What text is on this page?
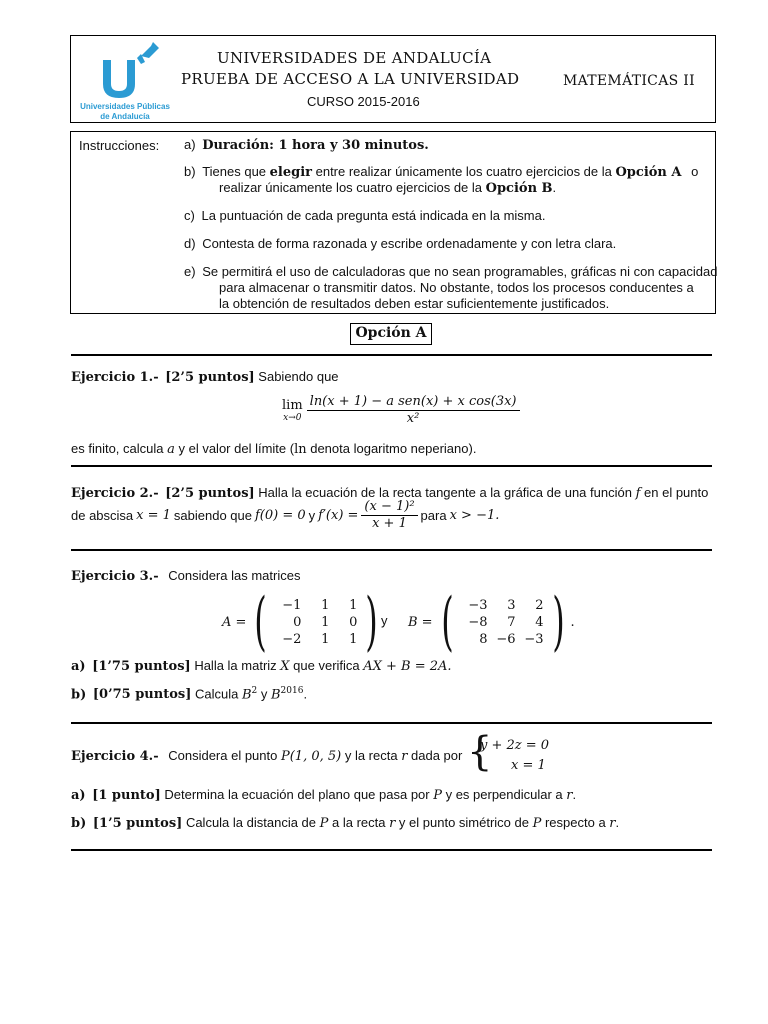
Universidades Públicas
de Andalucía
UNIVERSIDADES DE ANDALUCÍA
PRUEBA DE ACCESO A LA UNIVERSIDAD
CURSO 2015-2016
MATEMÁTICAS II
Instrucciones: a) Duración: 1 hora y 30 minutos.
b) Tienes que elegir entre realizar únicamente los cuatro ejercicios de la Opción A o
realizar únicamente los cuatro ejercicios de la Opción B.
c) La puntuación de cada pregunta está indicada en la misma.
d) Contesta de forma razonada y escribe ordenadamente y con letra clara.
e) Se permitirá el uso de calculadoras que no sean programables, gráficas ni con capacidad
para almacenar o transmitir datos. No obstante, todos los procesos conducentes a
la obtención de resultados deben estar suficientemente justificados.
Opción A
Ejercicio 1.- [2’5 puntos] Sabiendo que
lim
$x\to 0 \frac{\text{ln(x + 1) − a sen(x) + x cos(3x)}}{\text{x²}}$
es finito, calcula a y el valor del límite (ln denota logaritmo neperiano).
Ejercicio 2.- [2’5 puntos] Halla la ecuación de la recta tangente a la gráfica de una función f en el punto
de abscisa x = 1 sabiendo que f(0) = 0 y $f'(x) = \frac{\text{(x − 1)²}}{x + 1}$ para x > −1.
Ejercicio 3.- Considera las matrices
A = (	−1	1	1
0	1	0
−2	1	1 ) y B = (	−3	3	2
−8	7	4
8 −6 −3 ) .
a) [1’75 puntos] Halla la matriz X que verifica AX + B = 2A.
b) [0’75 puntos] Calcula $B^2$ y $B^{2016}$.
Ejercicio 4.- Considera el punto P(1, 0, 5) y la recta r dada por {
y + 2z = 0
x = 1
a) [1 punto] Determina la ecuación del plano que pasa por P y es perpendicular a r.
b) [1’5 puntos] Calcula la distancia de P a la recta r y el punto simétrico de P respecto a r.
